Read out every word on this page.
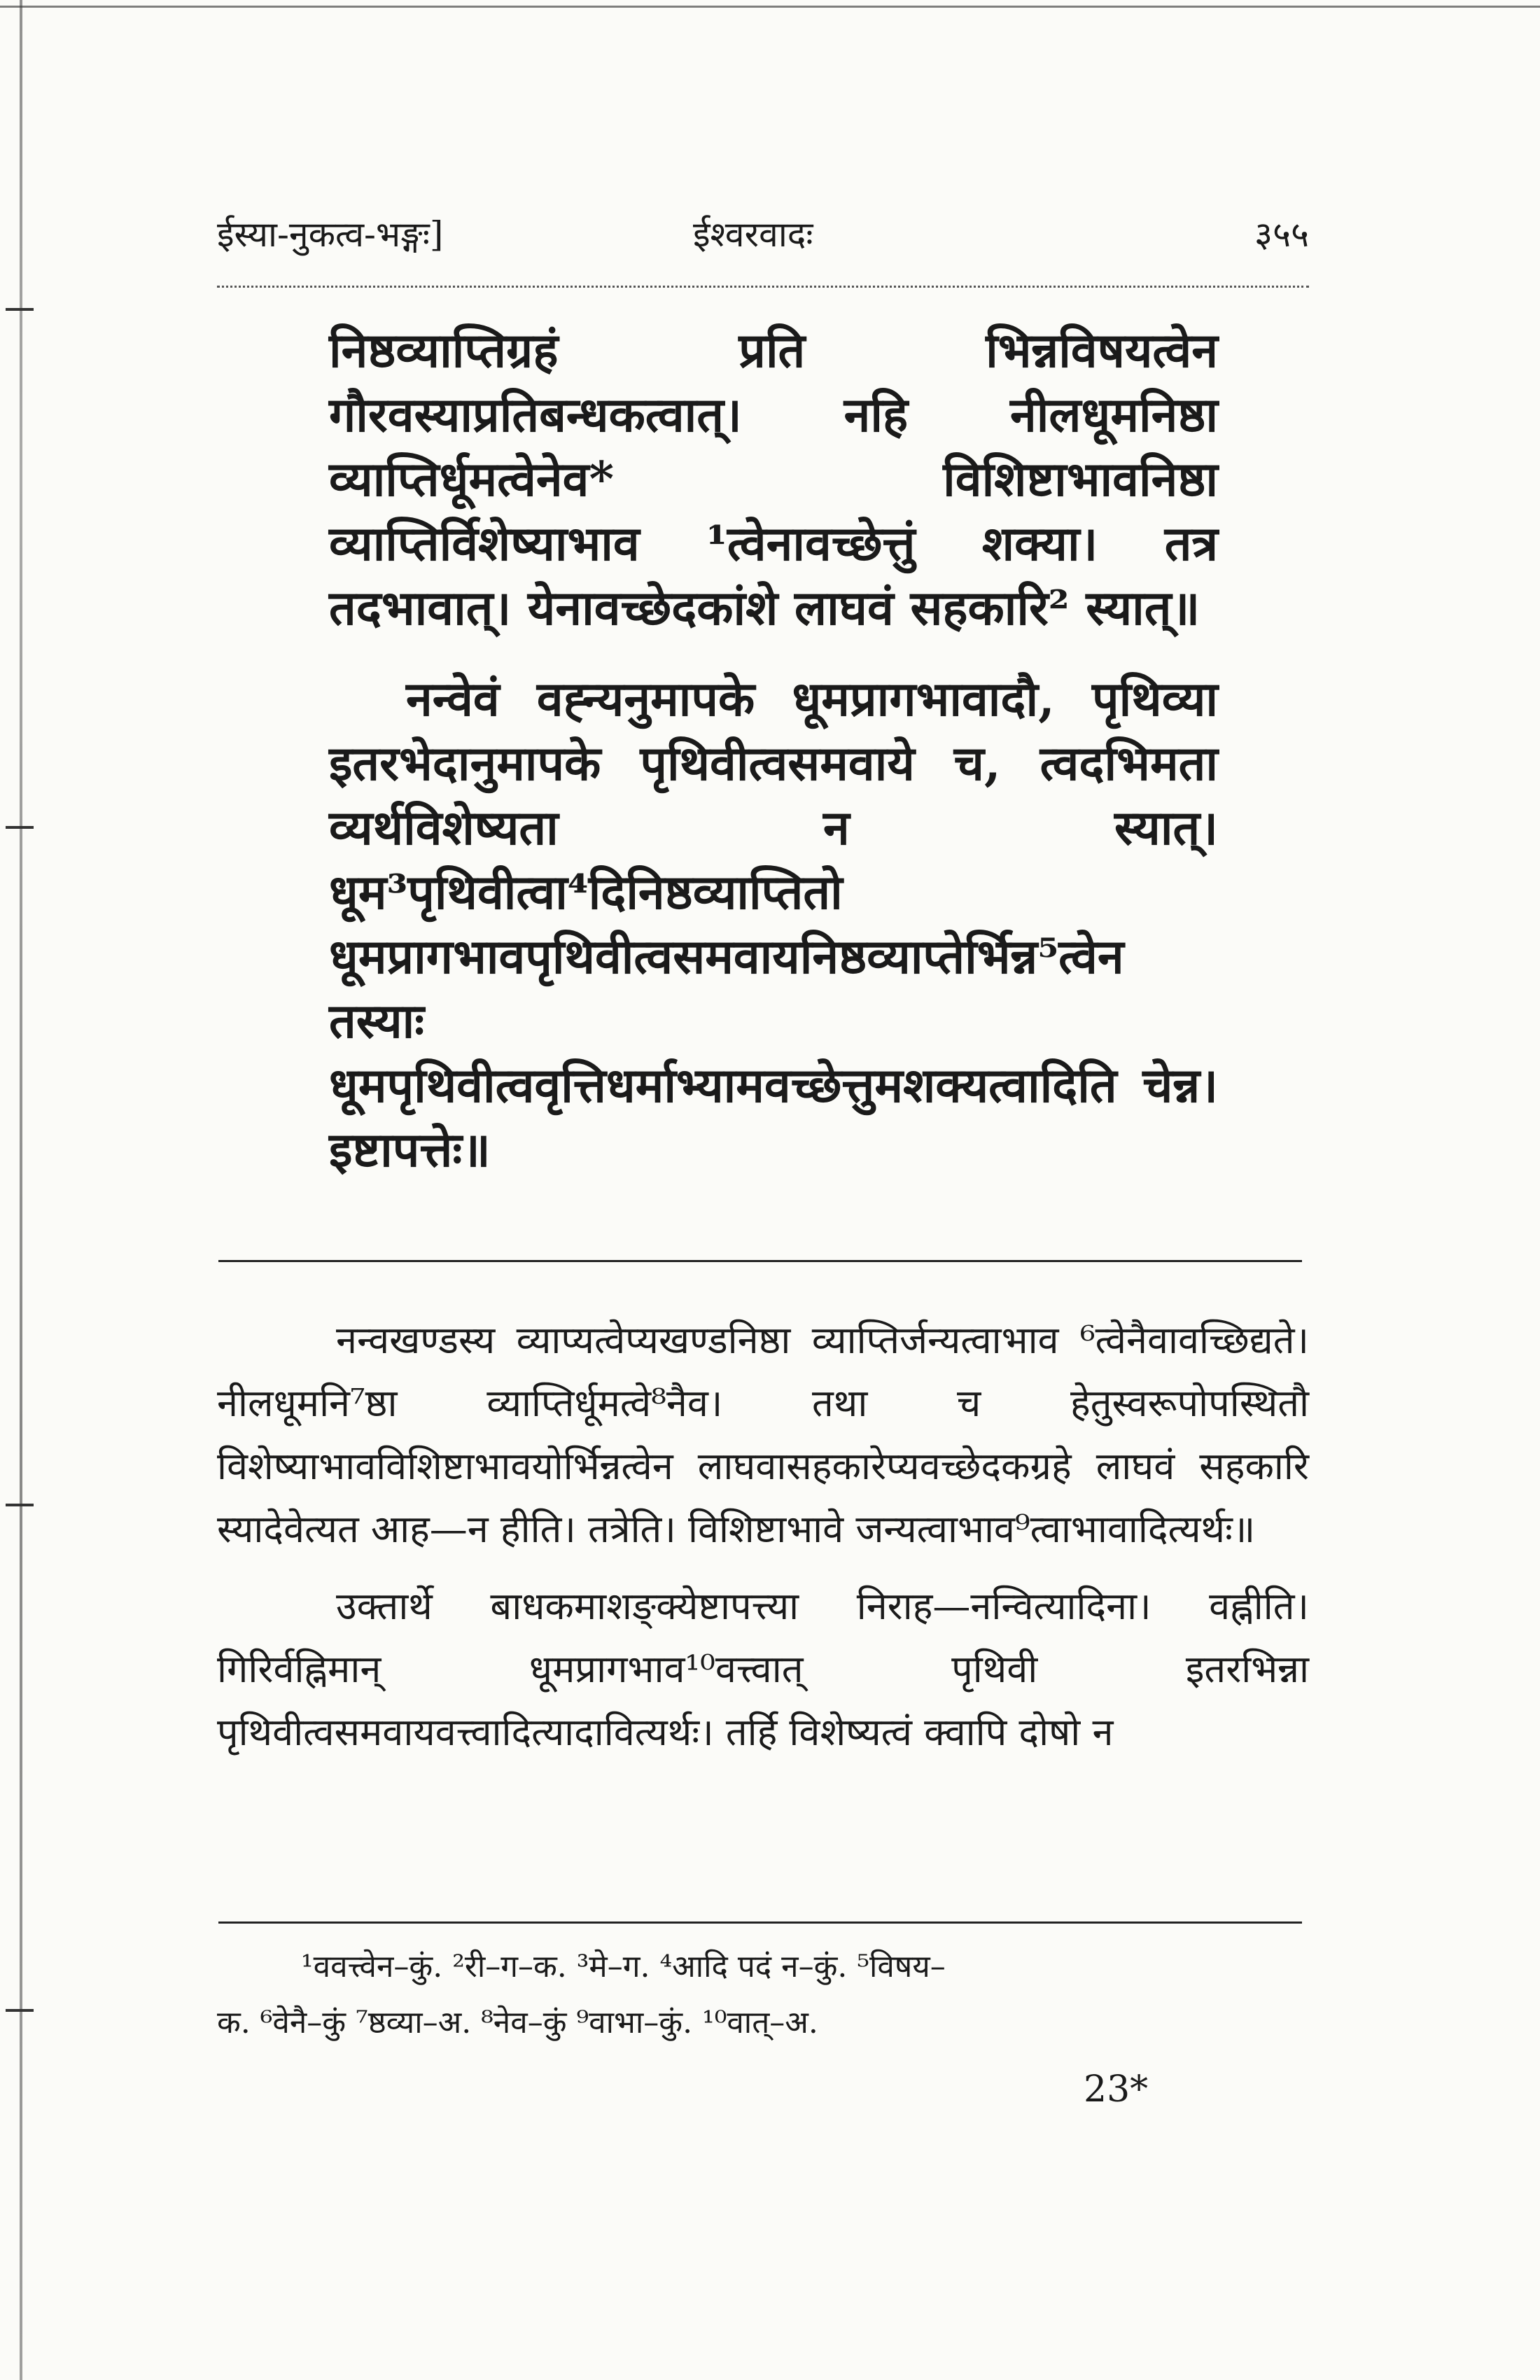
ईस्या-नुकत्व-भङ्गः]	ईश्वरवादः	३५५

निष्ठव्याप्तिग्रहं प्रति भिन्नविषयत्वेन गौरवस्याप्रतिबन्धकत्वात्। नहि नीलधूमनिष्ठा व्याप्तिर्धूमत्वेनेव* विशिष्टाभावनिष्ठा व्याप्तिर्विशेष्याभाव ¹त्वेनावच्छेत्तुं शक्या। तत्र तदभावात्। येनावच्छेदकांशे लाघवं सहकारि² स्यात्॥

नन्वेवं वह्न्यनुमापके धूमप्रागभावादौ, पृथिव्या इतरभेदानुमापके पृथिवीत्वसमवाये च, त्वदभिमता व्यर्थविशेष्यता न स्यात्। धूम³पृथिवीत्वा⁴दिनिष्ठव्याप्तितो धूमप्रागभावपृथिवीत्वसमवायनिष्ठव्याप्तेर्भिन्न⁵त्वेन तस्याः धूमपृथिवीत्ववृत्तिधर्माभ्यामवच्छेत्तुमशक्यत्वादिति चेन्न। इष्टापत्तेः॥

नन्वखण्डस्य व्याप्यत्वेप्यखण्डनिष्ठा व्याप्तिर्जन्यत्वाभाव ⁶त्वेनैवावच्छिद्यते। नीलधूमनि⁷ष्ठा व्याप्तिर्धूमत्वे⁸नैव। तथा च हेतुस्वरूपोपस्थितौ विशेष्याभावविशिष्टाभावयोर्भिन्नत्वेन लाघवासहकारेप्यवच्छेदकग्रहे लाघवं सहकारि स्यादेवेत्यत आह—न हीति। तत्रेति। विशिष्टाभावे जन्यत्वाभाव⁹त्वाभावादित्यर्थः॥

उक्तार्थे बाधकमाशङ्क्येष्टापत्त्या निराह—नन्वित्यादिना। वह्नीति। गिरिर्वह्निमान् धूमप्रागभाव¹⁰वत्त्वात् पृथिवी इतरभिन्ना पृथिवीत्वसमवायवत्त्वादित्यादावित्यर्थः। तर्हि विशेष्यत्वं क्वापि दोषो न

¹ववत्त्वेन–कुं. ²री–ग–क. ³मे–ग. ⁴आदि पदं न–कुं. ⁵विषय–

क. ⁶वेनै–कुं ⁷ष्ठव्या–अ. ⁸नेव–कुं ⁹वाभा–कुं. ¹⁰वात्–अ.

23*
